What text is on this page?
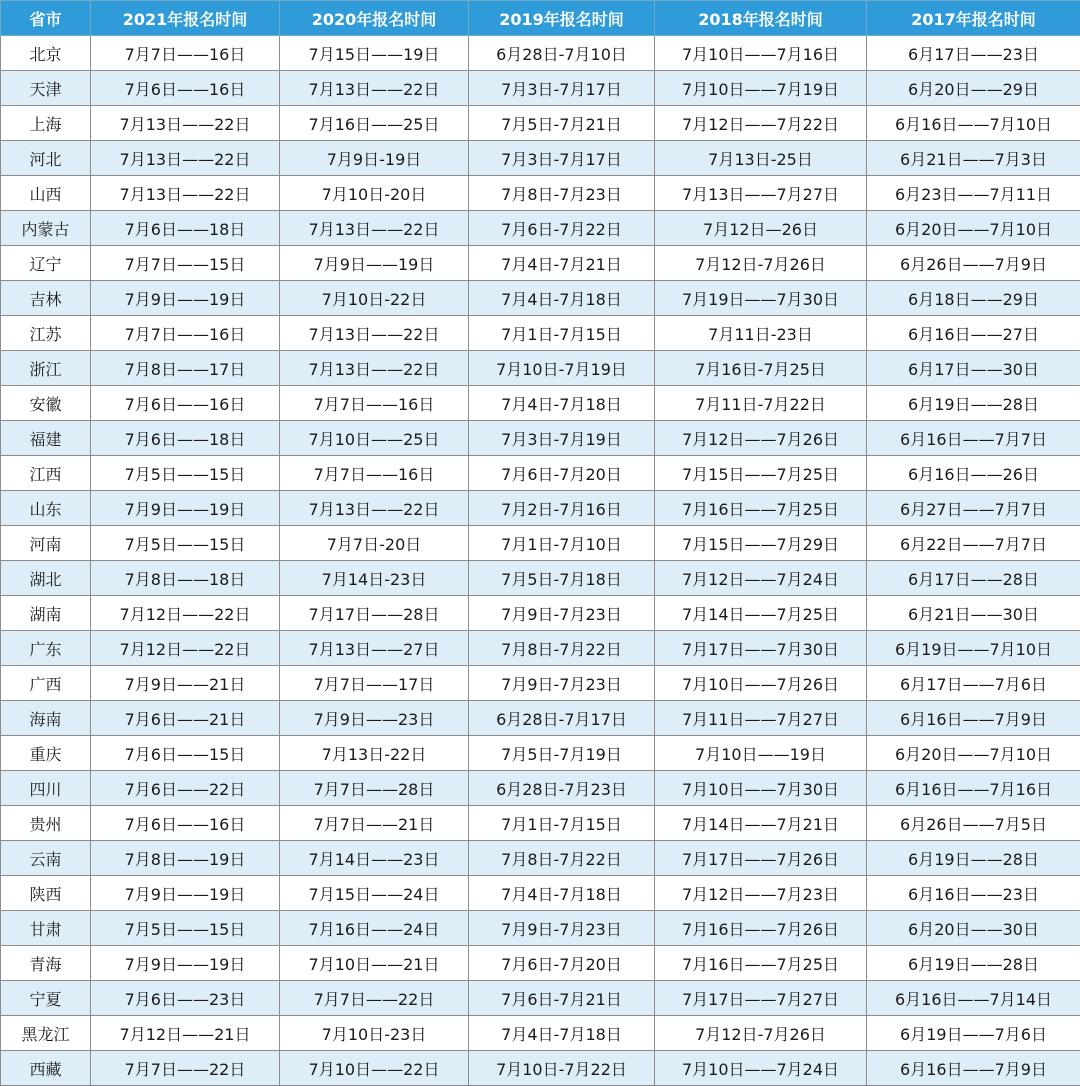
省市	2021年报名时间	2020年报名时间	2019年报名时间	2018年报名时间	2017年报名时间
北京	7月7日——16日	7月15日——19日	6月28日-7月10日	7月10日——7月16日	6月17日——23日
天津	7月6日——16日	7月13日——22日	7月3日-7月17日	7月10日——7月19日	6月20日——29日
上海	7月13日——22日	7月16日——25日	7月5日-7月21日	7月12日——7月22日	6月16日——7月10日
河北	7月13日——22日	7月9日-19日	7月3日-7月17日	7月13日-25日	6月21日——7月3日
山西	7月13日——22日	7月10日-20日	7月8日-7月23日	7月13日——7月27日	6月23日——7月11日
内蒙古	7月6日——18日	7月13日——22日	7月6日-7月22日	7月12日—26日	6月20日——7月10日
辽宁	7月7日——15日	7月9日——19日	7月4日-7月21日	7月12日-7月26日	6月26日——7月9日
吉林	7月9日——19日	7月10日-22日	7月4日-7月18日	7月19日——7月30日	6月18日——29日
江苏	7月7日——16日	7月13日——22日	7月1日-7月15日	7月11日-23日	6月16日——27日
浙江	7月8日——17日	7月13日——22日	7月10日-7月19日	7月16日-7月25日	6月17日——30日
安徽	7月6日——16日	7月7日——16日	7月4日-7月18日	7月11日-7月22日	6月19日——28日
福建	7月6日——18日	7月10日——25日	7月3日-7月19日	7月12日——7月26日	6月16日——7月7日
江西	7月5日——15日	7月7日——16日	7月6日-7月20日	7月15日——7月25日	6月16日——26日
山东	7月9日——19日	7月13日——22日	7月2日-7月16日	7月16日——7月25日	6月27日——7月7日
河南	7月5日——15日	7月7日-20日	7月1日-7月10日	7月15日——7月29日	6月22日——7月7日
湖北	7月8日——18日	7月14日-23日	7月5日-7月18日	7月12日——7月24日	6月17日——28日
湖南	7月12日——22日	7月17日——28日	7月9日-7月23日	7月14日——7月25日	6月21日——30日
广东	7月12日——22日	7月13日——27日	7月8日-7月22日	7月17日——7月30日	6月19日——7月10日
广西	7月9日——21日	7月7日——17日	7月9日-7月23日	7月10日——7月26日	6月17日——7月6日
海南	7月6日——21日	7月9日——23日	6月28日-7月17日	7月11日——7月27日	6月16日——7月9日
重庆	7月6日——15日	7月13日-22日	7月5日-7月19日	7月10日——19日	6月20日——7月10日
四川	7月6日——22日	7月7日——28日	6月28日-7月23日	7月10日——7月30日	6月16日——7月16日
贵州	7月6日——16日	7月7日——21日	7月1日-7月15日	7月14日——7月21日	6月26日——7月5日
云南	7月8日——19日	7月14日——23日	7月8日-7月22日	7月17日——7月26日	6月19日——28日
陕西	7月9日——19日	7月15日——24日	7月4日-7月18日	7月12日——7月23日	6月16日——23日
甘肃	7月5日——15日	7月16日——24日	7月9日-7月23日	7月16日——7月26日	6月20日——30日
青海	7月9日——19日	7月10日——21日	7月6日-7月20日	7月16日——7月25日	6月19日——28日
宁夏	7月6日——23日	7月7日——22日	7月6日-7月21日	7月17日——7月27日	6月16日——7月14日
黑龙江	7月12日——21日	7月10日-23日	7月4日-7月18日	7月12日-7月26日	6月19日——7月6日
西藏	7月7日——22日	7月10日——22日	7月10日-7月22日	7月10日——7月24日	6月16日——7月9日
